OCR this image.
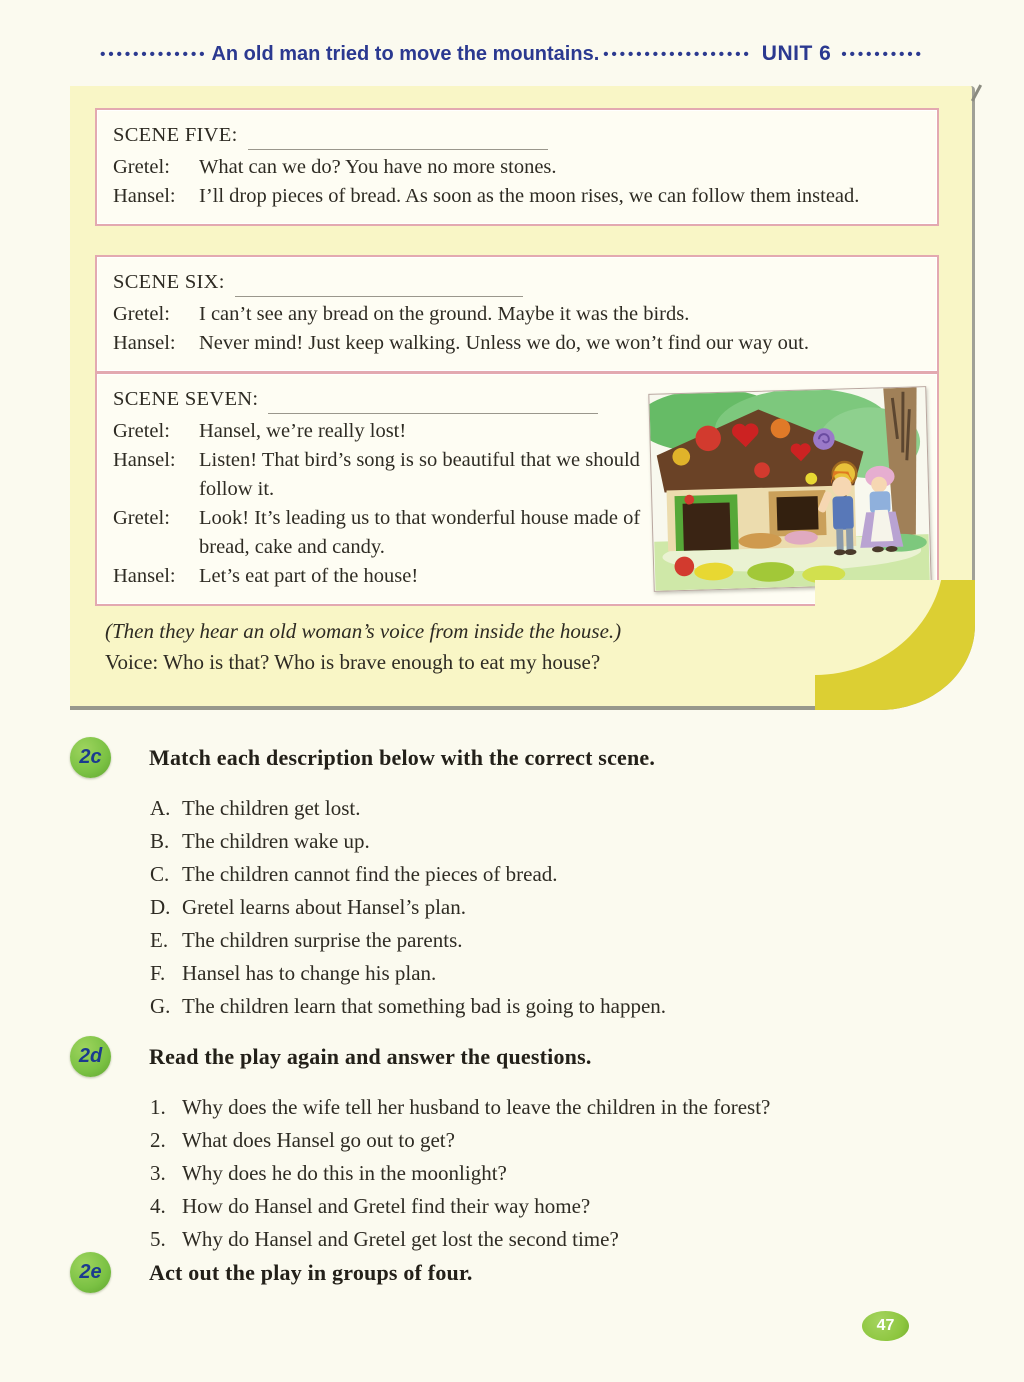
••••••••••••• An old man tried to move the mountains. •••••••••••••••••• UNIT 6 ••••••••••
SCENE FIVE:
Gretel:	What can we do? You have no more stones.
Hansel:	I’ll drop pieces of bread. As soon as the moon rises, we can follow them instead.
SCENE SIX:
Gretel:	I can’t see any bread on the ground. Maybe it was the birds.
Hansel:	Never mind! Just keep walking. Unless we do, we won’t find our way out.
SCENE SEVEN:
Gretel:	Hansel, we’re really lost!
Hansel:	Listen! That bird’s song is so beautiful that we should follow it.
Gretel:	Look! It’s leading us to that wonderful house made of bread, cake and candy.
Hansel:	Let’s eat part of the house!
(Then they hear an old woman’s voice from inside the house.)
Voice: Who is that? Who is brave enough to eat my house?
2c	Match each description below with the correct scene.
A. The children get lost.
B. The children wake up.
C. The children cannot find the pieces of bread.
D. Gretel learns about Hansel’s plan.
E. The children surprise the parents.
F. Hansel has to change his plan.
G. The children learn that something bad is going to happen.
2d	Read the play again and answer the questions.
1. Why does the wife tell her husband to leave the children in the forest?
2. What does Hansel go out to get?
3. Why does he do this in the moonlight?
4. How do Hansel and Gretel find their way home?
5. Why do Hansel and Gretel get lost the second time?
2e	Act out the play in groups of four.
47
